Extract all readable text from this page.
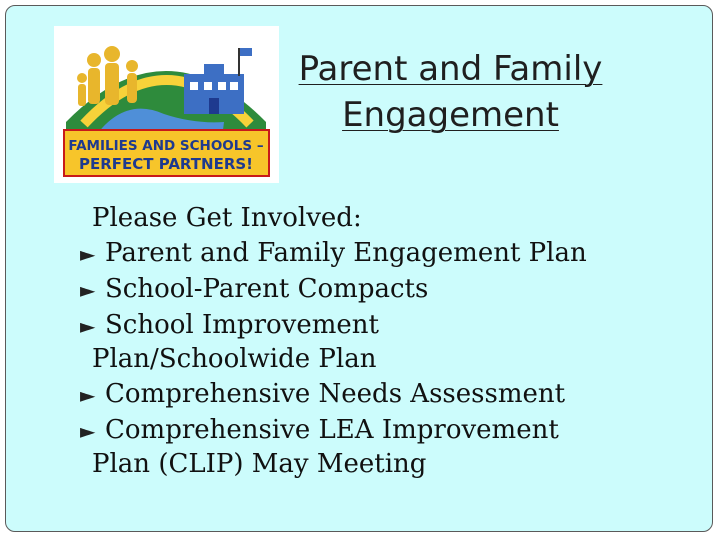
FAMILIES AND SCHOOLS –
PERFECT PARTNERS!
Parent and Family
Engagement
Please Get Involved:
► Parent and Family Engagement Plan
► School-Parent Compacts
► School Improvement
Plan/Schoolwide Plan
► Comprehensive Needs Assessment
► Comprehensive LEA Improvement
Plan (CLIP) May Meeting
